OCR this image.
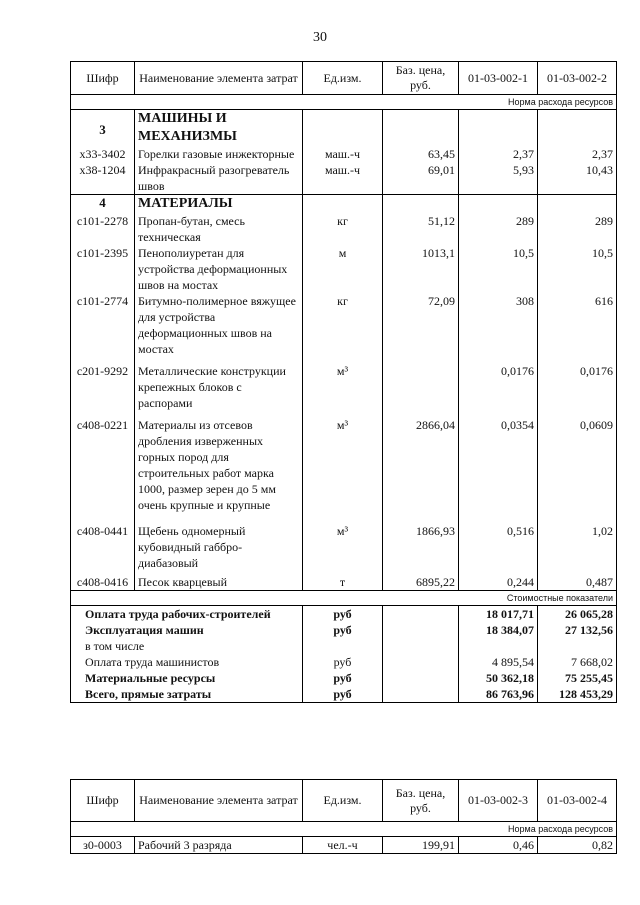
30
Шифр	Наименование элемента затрат	Ед.изм.	Баз. цена, руб.	01-03-002-1	01-03-002-2
Норма расхода ресурсов					
3	МАШИНЫ И МЕХАНИЗМЫ				
х33-3402	Горелки газовые инжекторные	маш.-ч	63,45	2,37	2,37
х38-1204	Инфракрасный разогреватель швов	маш.-ч	69,01	5,93	10,43
4	МАТЕРИАЛЫ				
с101-2278	Пропан-бутан, смесь техническая	кг	51,12	289	289
с101-2395	Пенополиуретан для устройства деформационных швов на мостах	м	1013,1	10,5	10,5
с101-2774	Битумно-полимерное вяжущее для устройства деформационных швов на мостах	кг	72,09	308	616
с201-9292	Металлические конструкции крепежных блоков с распорами	м³		0,0176	0,0176
с408-0221	Материалы из отсевов дробления изверженных горных пород для строительных работ марка 1000, размер зерен до 5 мм очень крупные и крупные	м³	2866,04	0,0354	0,0609
с408-0441	Щебень одномерный кубовидный габбро-диабазовый	м³	1866,93	0,516	1,02
с408-0416	Песок кварцевый	т	6895,22	0,244	0,487
Стоимостные показатели					
Оплата труда рабочих-строителей		руб		18 017,71	26 065,28
Эксплуатация машин		руб		18 384,07	27 132,56
в том числе					
Оплата труда машинистов		руб		4 895,54	7 668,02
Материальные ресурсы		руб		50 362,18	75 255,45
Всего, прямые затраты		руб		86 763,96	128 453,29
Шифр	Наименование элемента затрат	Ед.изм.	Баз. цена, руб.	01-03-002-3	01-03-002-4
Норма расхода ресурсов					
з0-0003	Рабочий 3 разряда	чел.-ч	199,91	0,46	0,82
